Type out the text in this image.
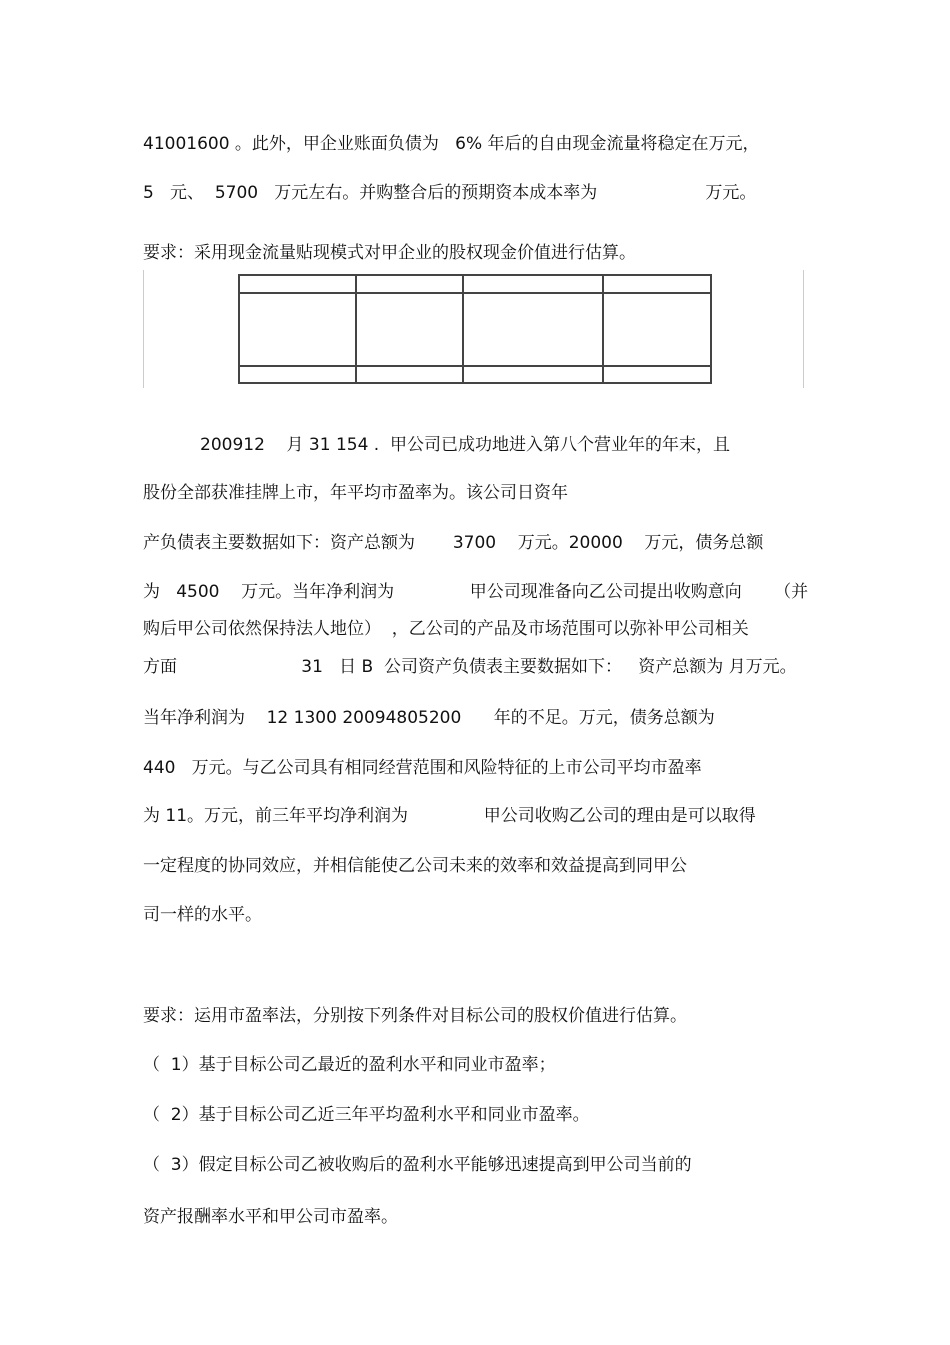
41001600 。此外，甲企业账面负债为   6% 年后的自由现金流量将稳定在万元，
5   元、  5700   万元左右。并购整合后的预期资本成本率为                    万元。
要求：采用现金流量贴现模式对甲企业的股权现金价值进行估算。
200912    月 31 154 .  甲公司已成功地进入第八个营业年的年末，且
股份全部获准挂牌上市，年平均市盈率为。该公司日资年
产负债表主要数据如下：资产总额为       3700    万元。20000    万元，债务总额
为   4500    万元。当年净利润为              甲公司现准备向乙公司提出收购意向      （并
购后甲公司依然保持法人地位）  ，乙公司的产品及市场范围可以弥补甲公司相关
方面                       31   日 B  公司资产负债表主要数据如下：   资产总额为 月万元。
当年净利润为    12 1300 20094805200      年的不足。万元，债务总额为
440   万元。与乙公司具有相同经营范围和风险特征的上市公司平均市盈率
为 11。万元，前三年平均净利润为              甲公司收购乙公司的理由是可以取得
一定程度的协同效应，并相信能使乙公司未来的效率和效益提高到同甲公
司一样的水平。
要求：运用市盈率法，分别按下列条件对目标公司的股权价值进行估算。
（  1）基于目标公司乙最近的盈利水平和同业市盈率；
（  2）基于目标公司乙近三年平均盈利水平和同业市盈率。
（  3）假定目标公司乙被收购后的盈利水平能够迅速提高到甲公司当前的
资产报酬率水平和甲公司市盈率。
